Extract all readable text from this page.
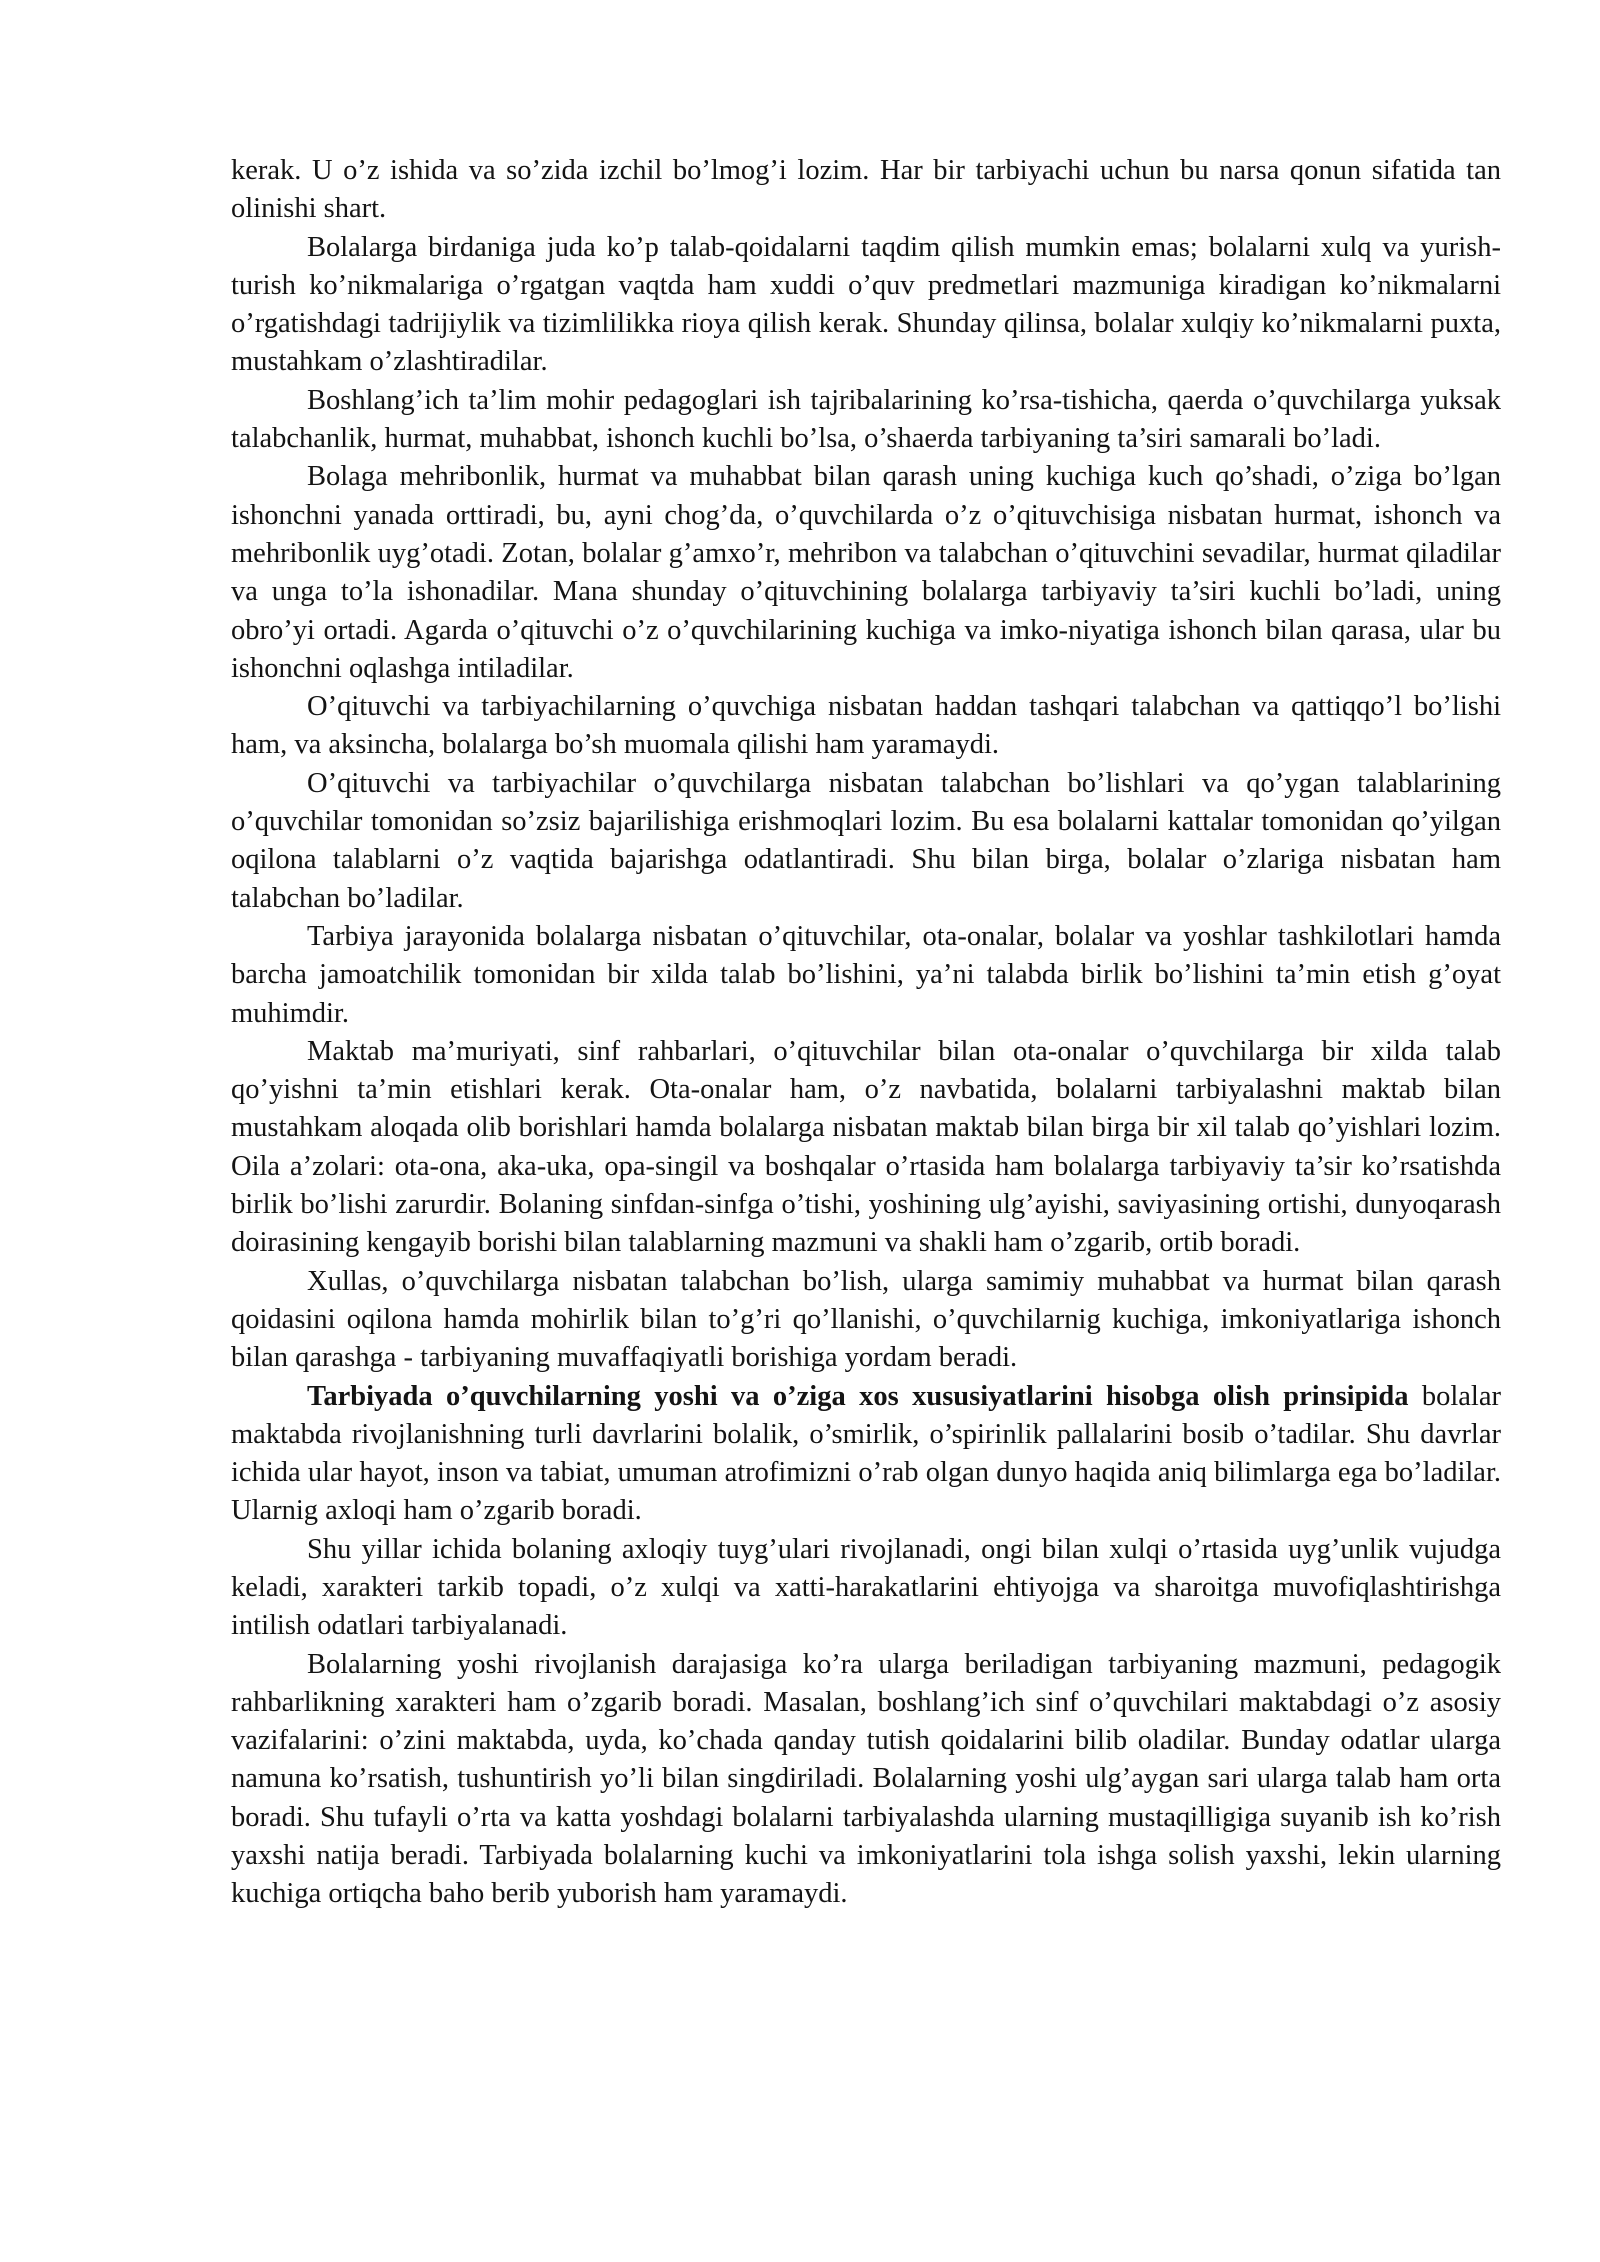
kerak. U o’z ishida va so’zida izchil bo’lmog’i lozim. Har bir tarbiyachi uchun bu narsa qonun sifatida tan olinishi shart.

Bolalarga birdaniga juda ko’p talab-qoidalarni taqdim qilish mumkin emas; bolalarni xulq va yurish-turish ko’nikmalariga o’rgatgan vaqtda ham xuddi o’quv predmetlari mazmuniga kiradigan ko’nikmalarni o’rgatishdagi tadrijiylik va tizimlilikka rioya qilish kerak. Shunday qilinsa, bolalar xulqiy ko’nikmalarni puxta, mustahkam o’zlashtiradilar.

Boshlang’ich ta’lim mohir pedagoglari ish tajribalarining ko’rsa-tishicha, qaerda o’quvchilarga yuksak talabchanlik, hurmat, muhabbat, ishonch kuchli bo’lsa, o’shaerda tarbiyaning ta’siri samarali bo’ladi.

Bolaga mehribonlik, hurmat va muhabbat bilan qarash uning kuchiga kuch qo’shadi, o’ziga bo’lgan ishonchni yanada orttiradi, bu, ayni chog’da, o’quvchilarda o’z o’qituvchisiga nisbatan hurmat, ishonch va mehribonlik uyg’otadi. Zotan, bolalar g’amxo’r, mehribon va talabchan o’qituvchini sevadilar, hurmat qiladilar va unga to’la ishonadilar. Mana shunday o’qituvchining bolalarga tarbiyaviy ta’siri kuchli bo’ladi, uning obro’yi ortadi. Agarda o’qituvchi o’z o’quvchilarining kuchiga va imko-niyatiga ishonch bilan qarasa, ular bu ishonchni oqlashga intiladilar.

O’qituvchi va tarbiyachilarning o’quvchiga nisbatan haddan tashqari talabchan va qattiqqo’l bo’lishi ham, va aksincha, bolalarga bo’sh muomala qilishi ham yaramaydi.

O’qituvchi va tarbiyachilar o’quvchilarga nisbatan talabchan bo’lishlari va qo’ygan talablarining o’quvchilar tomonidan so’zsiz bajarilishiga erishmoqlari lozim. Bu esa bolalarni kattalar tomonidan qo’yilgan oqilona talablarni o’z vaqtida bajarishga odatlantiradi. Shu bilan birga, bolalar o’zlariga nisbatan ham talabchan bo’ladilar.

Tarbiya jarayonida bolalarga nisbatan o’qituvchilar, ota-onalar, bolalar va yoshlar tashkilotlari hamda barcha jamoatchilik tomonidan bir xilda talab bo’lishini, ya’ni talabda birlik bo’lishini ta’min etish g’oyat muhimdir.

Maktab ma’muriyati, sinf rahbarlari, o’qituvchilar bilan ota-onalar o’quvchilarga bir xilda talab qo’yishni ta’min etishlari kerak. Ota-onalar ham, o’z navbatida, bolalarni tarbiyalashni maktab bilan mustahkam aloqada olib borishlari hamda bolalarga nisbatan maktab bilan birga bir xil talab qo’yishlari lozim. Oila a’zolari: ota-ona, aka-uka, opa-singil va boshqalar o’rtasida ham bolalarga tarbiyaviy ta’sir ko’rsatishda birlik bo’lishi zarurdir. Bolaning sinfdan-sinfga o’tishi, yoshining ulg’ayishi, saviyasining ortishi, dunyoqarash doirasining kengayib borishi bilan talablarning mazmuni va shakli ham o’zgarib, ortib boradi.

Xullas, o’quvchilarga nisbatan talabchan bo’lish, ularga samimiy muhabbat va hurmat bilan qarash qoidasini oqilona hamda mohirlik bilan to’g’ri qo’llanishi, o’quvchilarnig kuchiga, imkoniyatlariga ishonch bilan qarashga - tarbiyaning muvaffaqiyatli borishiga yordam beradi.

Tarbiyada o’quvchilarning yoshi va o’ziga xos xususiyatlarini hisobga olish prinsipida bolalar maktabda rivojlanishning turli davrlarini bolalik, o’smirlik, o’spirinlik pallalarini bosib o’tadilar. Shu davrlar ichida ular hayot, inson va tabiat, umuman atrofimizni o’rab olgan dunyo haqida aniq bilimlarga ega bo’ladilar. Ularnig axloqi ham o’zgarib boradi.

Shu yillar ichida bolaning axloqiy tuyg’ulari rivojlanadi, ongi bilan xulqi o’rtasida uyg’unlik vujudga keladi, xarakteri tarkib topadi, o’z xulqi va xatti-harakatlarini ehtiyojga va sharoitga muvofiqlashtirishga intilish odatlari tarbiyalanadi.

Bolalarning yoshi rivojlanish darajasiga ko’ra ularga beriladigan tarbiyaning mazmuni, pedagogik rahbarlikning xarakteri ham o’zgarib boradi. Masalan, boshlang’ich sinf o’quvchilari maktabdagi o’z asosiy vazifalarini: o’zini maktabda, uyda, ko’chada qanday tutish qoidalarini bilib oladilar. Bunday odatlar ularga namuna ko’rsatish, tushuntirish yo’li bilan singdiriladi. Bolalarning yoshi ulg’aygan sari ularga talab ham orta boradi. Shu tufayli o’rta va katta yoshdagi bolalarni tarbiyalashda ularning mustaqilligiga suyanib ish ko’rish yaxshi natija beradi. Tarbiyada bolalarning kuchi va imkoniyatlarini tola ishga solish yaxshi, lekin ularning kuchiga ortiqcha baho berib yuborish ham yaramaydi.
